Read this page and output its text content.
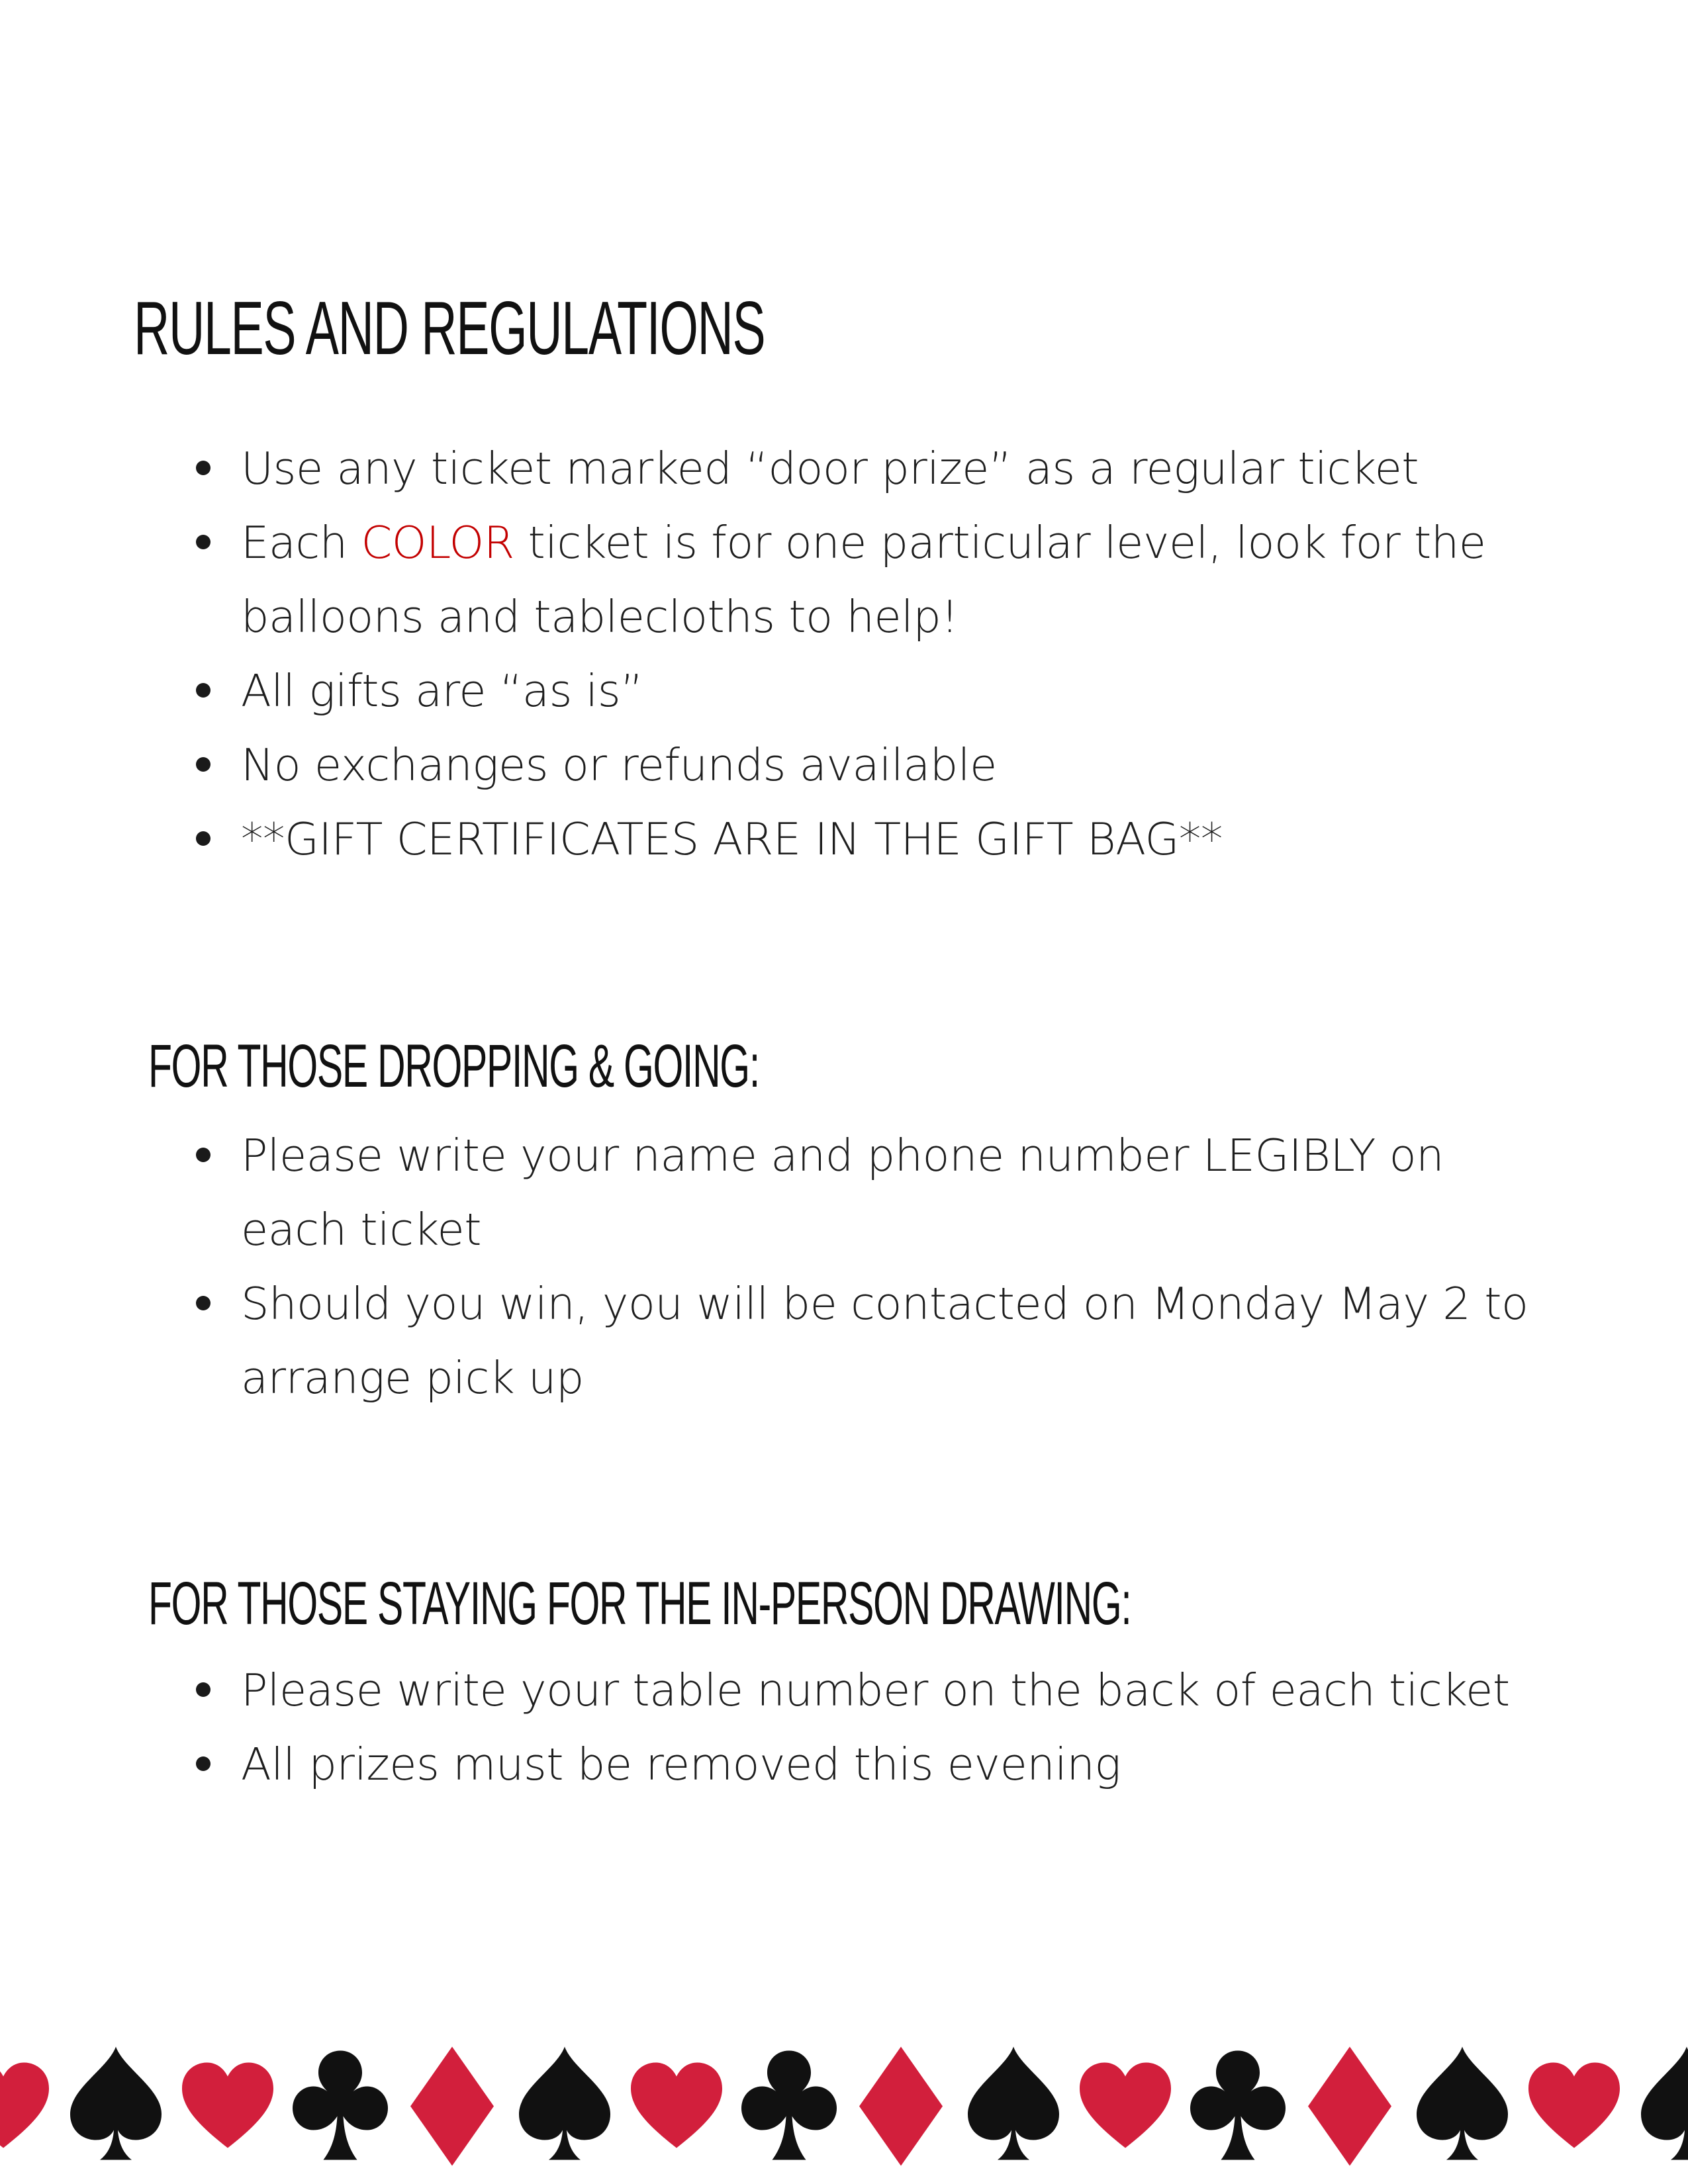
RULES AND REGULATIONS
Use any ticket marked “door prize” as a regular ticket
Each COLOR ticket is for one particular level, look for the balloons and tablecloths to help!
All gifts are “as is”
No exchanges or refunds available
**GIFT CERTIFICATES ARE IN THE GIFT BAG**
FOR THOSE DROPPING & GOING:
Please write your name and phone number LEGIBLY on each ticket
Should you win, you will be contacted on Monday May 2 to arrange pick up
FOR THOSE STAYING FOR THE IN-PERSON DRAWING:
Please write your table number on the back of each ticket
All prizes must be removed this evening
